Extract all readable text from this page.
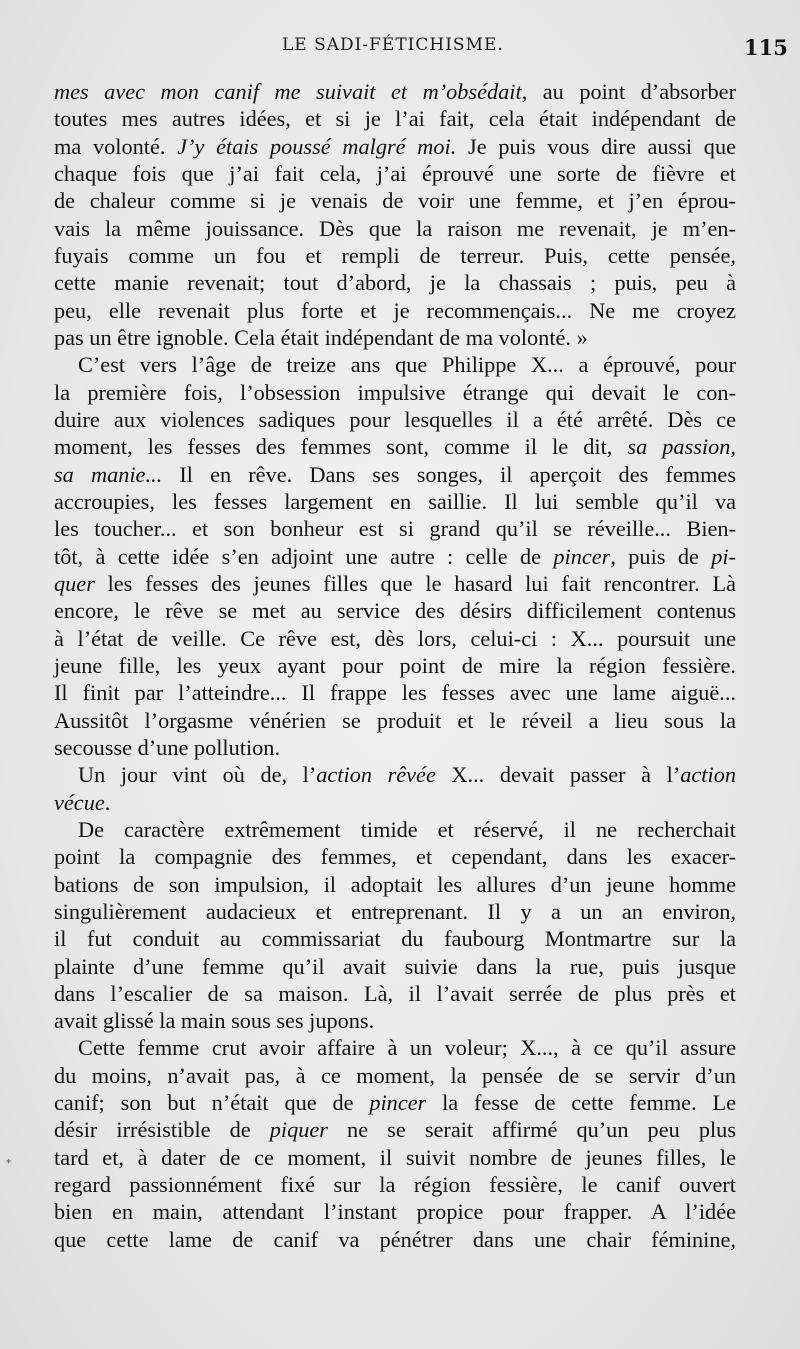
LE SADI-FÉTICHISME.	115
mes avec mon canif me suivait et m’obsédait, au point d’absorber
toutes mes autres idées, et si je l’ai fait, cela était indépendant de
ma volonté. J’y étais poussé malgré moi. Je puis vous dire aussi que
chaque fois que j’ai fait cela, j’ai éprouvé une sorte de fièvre et
de chaleur comme si je venais de voir une femme, et j’en éprou-
vais la même jouissance. Dès que la raison me revenait, je m’en-
fuyais comme un fou et rempli de terreur. Puis, cette pensée,
cette manie revenait; tout d’abord, je la chassais ; puis, peu à
peu, elle revenait plus forte et je recommençais... Ne me croyez
pas un être ignoble. Cela était indépendant de ma volonté. »
C’est vers l’âge de treize ans que Philippe X... a éprouvé, pour
la première fois, l’obsession impulsive étrange qui devait le con-
duire aux violences sadiques pour lesquelles il a été arrêté. Dès ce
moment, les fesses des femmes sont, comme il le dit, sa passion,
sa manie... Il en rêve. Dans ses songes, il aperçoit des femmes
accroupies, les fesses largement en saillie. Il lui semble qu’il va
les toucher... et son bonheur est si grand qu’il se réveille... Bien-
tôt, à cette idée s’en adjoint une autre : celle de pincer, puis de pi-
quer les fesses des jeunes filles que le hasard lui fait rencontrer. Là
encore, le rêve se met au service des désirs difficilement contenus
à l’état de veille. Ce rêve est, dès lors, celui-ci : X... poursuit une
jeune fille, les yeux ayant pour point de mire la région fessière.
Il finit par l’atteindre... Il frappe les fesses avec une lame aiguë...
Aussitôt l’orgasme vénérien se produit et le réveil a lieu sous la
secousse d’une pollution.
Un jour vint où de, l’action rêvée X... devait passer à l’action
vécue.
De caractère extrêmement timide et réservé, il ne recherchait
point la compagnie des femmes, et cependant, dans les exacer-
bations de son impulsion, il adoptait les allures d’un jeune homme
singulièrement audacieux et entreprenant. Il y a un an environ,
il fut conduit au commissariat du faubourg Montmartre sur la
plainte d’une femme qu’il avait suivie dans la rue, puis jusque
dans l’escalier de sa maison. Là, il l’avait serrée de plus près et
avait glissé la main sous ses jupons.
Cette femme crut avoir affaire à un voleur; X..., à ce qu’il assure
du moins, n’avait pas, à ce moment, la pensée de se servir d’un
canif; son but n’était que de pincer la fesse de cette femme. Le
désir irrésistible de piquer ne se serait affirmé qu’un peu plus
tard et, à dater de ce moment, il suivit nombre de jeunes filles, le
regard passionnément fixé sur la région fessière, le canif ouvert
bien en main, attendant l’instant propice pour frapper. A l’idée
que cette lame de canif va pénétrer dans une chair féminine,
*
